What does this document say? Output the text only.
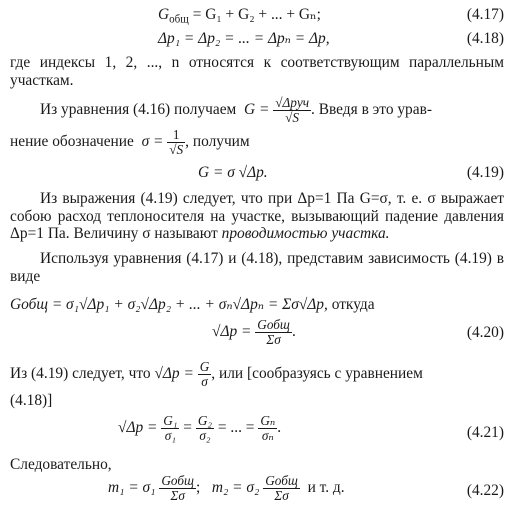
$G_{общ} = G_1 + G_2$ + ... + Gₙ;	(4.17)
Δp₁ = Δp₂ = ... = Δpₙ = Δp,	(4.18)
где индексы 1, 2, ..., n относятся к соответствующим параллельным участкам.
Из уравнения (4.16) получаем $G = \frac{\text{√Δpуч}}{√S}$ . Введя в это урав-
нение обозначение $\sigma = \frac{1}{√S}$ , получим
G = σ √Δp.	(4.19)
Из выражения (4.19) следует, что при Δp=1 Па G=σ, т. е. σ выражает собою расход теплоносителя на участке, вызывающий падение давления Δp=1 Па. Величину σ называют проводимостью участка.
Используя уравнения (4.17) и (4.18), представим зависимость (4.19) в виде
Gобщ = σ₁√Δp₁ + σ₂√Δp₂ + ... + σₙ√Δpₙ = Σσ√Δp, откуда
$√\Delta p = \frac{\text{Gобщ}}{\Sigma\sigma}$ .	(4.20)
Из (4.19) следует, что $√\Delta p = \frac{G}{\sigma}$ , или [сообразуясь с уравнением
(4.18)]
$√\Delta p = \frac{\text{G₁}}{\text{σ₁}} = \frac{\text{G₂}}{\text{σ₂}}$ = ... = $\frac{\text{Gₙ}}{\text{σₙ}}$ .	(4.21)
Следовательно,
$m_1 = \sigma_1 \frac{\text{Gобщ}}{\Sigma\sigma}$ ; $m_2 = \sigma_2 \frac{\text{Gобщ}}{\Sigma\sigma}$ и т. д.	(4.22)
